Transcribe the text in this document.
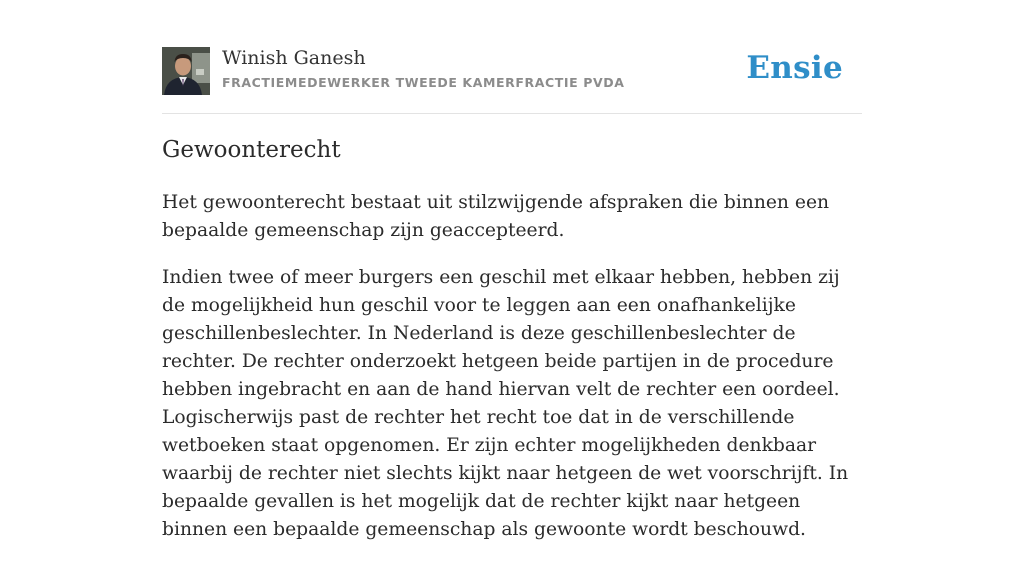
Winish Ganesh
FRACTIEMEDEWERKER TWEEDE KAMERFRACTIE PVDA	Ensie
Gewoonterecht

Het gewoonterecht bestaat uit stilzwijgende afspraken die binnen een bepaalde gemeenschap zijn geaccepteerd.

Indien twee of meer burgers een geschil met elkaar hebben, hebben zij de mogelijkheid hun geschil voor te leggen aan een onafhankelijke geschillenbeslechter. In Nederland is deze geschillenbeslechter de rechter. De rechter onderzoekt hetgeen beide partijen in de procedure hebben ingebracht en aan de hand hiervan velt de rechter een oordeel. Logischerwijs past de rechter het recht toe dat in de verschillende wetboeken staat opgenomen. Er zijn echter mogelijkheden denkbaar waarbij de rechter niet slechts kijkt naar hetgeen de wet voorschrijft. In bepaalde gevallen is het mogelijk dat de rechter kijkt naar hetgeen binnen een bepaalde gemeenschap als gewoonte wordt beschouwd.
